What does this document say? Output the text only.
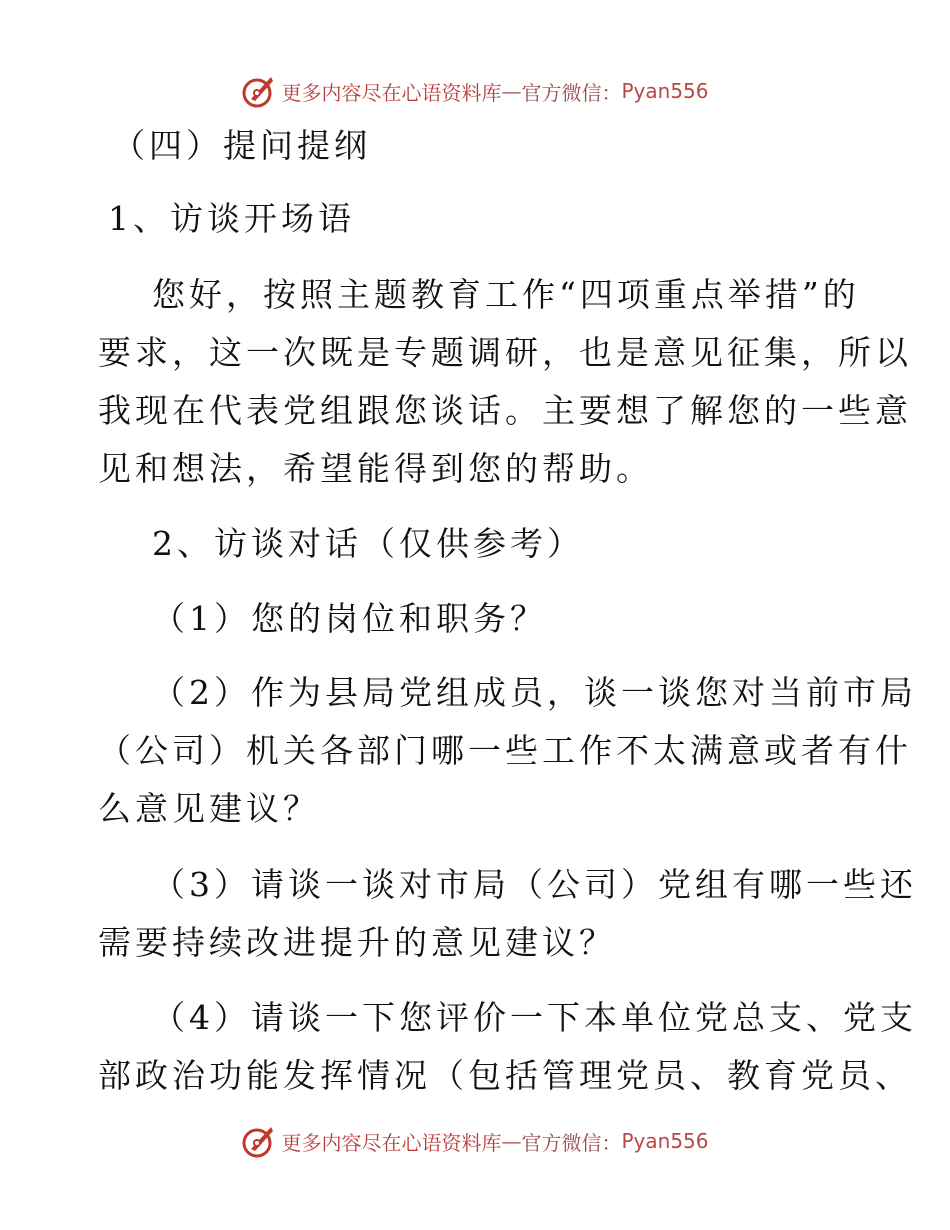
更多内容尽在心语资料库 — 官方微信： Pyan556
（四）提问提纲
1、访谈开场语
您好，按照主题教育工作“四项重点举措”的
要求，这一次既是专题调研，也是意见征集，所以
我现在代表党组跟您谈话。主要想了解您的一些意
见和想法，希望能得到您的帮助。
2、访谈对话（仅供参考）
（1）您的岗位和职务？
（2）作为县局党组成员，谈一谈您对当前市局
（公司）机关各部门哪一些工作不太满意或者有什
么意见建议？
（3）请谈一谈对市局（公司）党组有哪一些还
需要持续改进提升的意见建议？
（4）请谈一下您评价一下本单位党总支、党支
部政治功能发挥情况（包括管理党员、教育党员、
更多内容尽在心语资料库 — 官方微信： Pyan556
